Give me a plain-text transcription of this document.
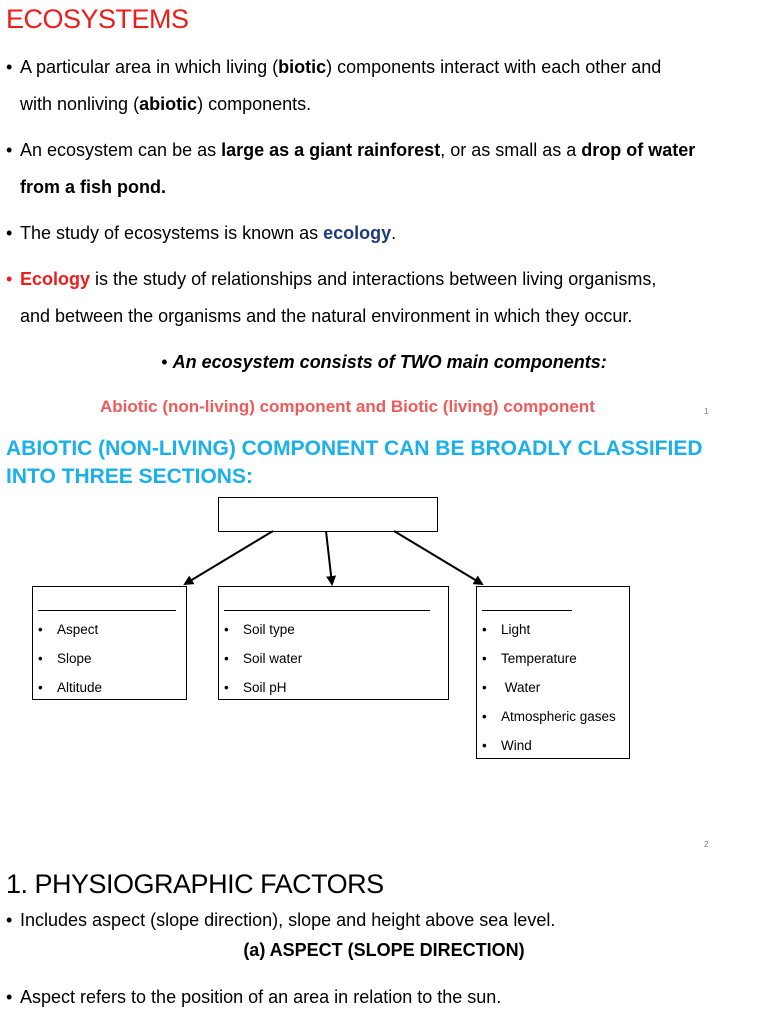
ECOSYSTEMS
• A particular area in which living (biotic) components interact with each other and
with nonliving (abiotic) components.
• An ecosystem can be as large as a giant rainforest, or as small as a drop of water
from a fish pond.
• The study of ecosystems is known as ecology.
• Ecology is the study of relationships and interactions between living organisms,
and between the organisms and the natural environment in which they occur.
• An ecosystem consists of TWO main components:
Abiotic (non-living) component and Biotic (living) component	1
ABIOTIC (NON-LIVING) COMPONENT CAN BE BROADLY CLASSIFIED
INTO THREE SECTIONS:
• Aspect
• Slope
• Altitude
• Soil type
• Soil water
• Soil pH
• Light
• Temperature
• Water
• Atmospheric gases
• Wind
2
1. PHYSIOGRAPHIC FACTORS
• Includes aspect (slope direction), slope and height above sea level.
(a) ASPECT (SLOPE DIRECTION)
• Aspect refers to the position of an area in relation to the sun.
